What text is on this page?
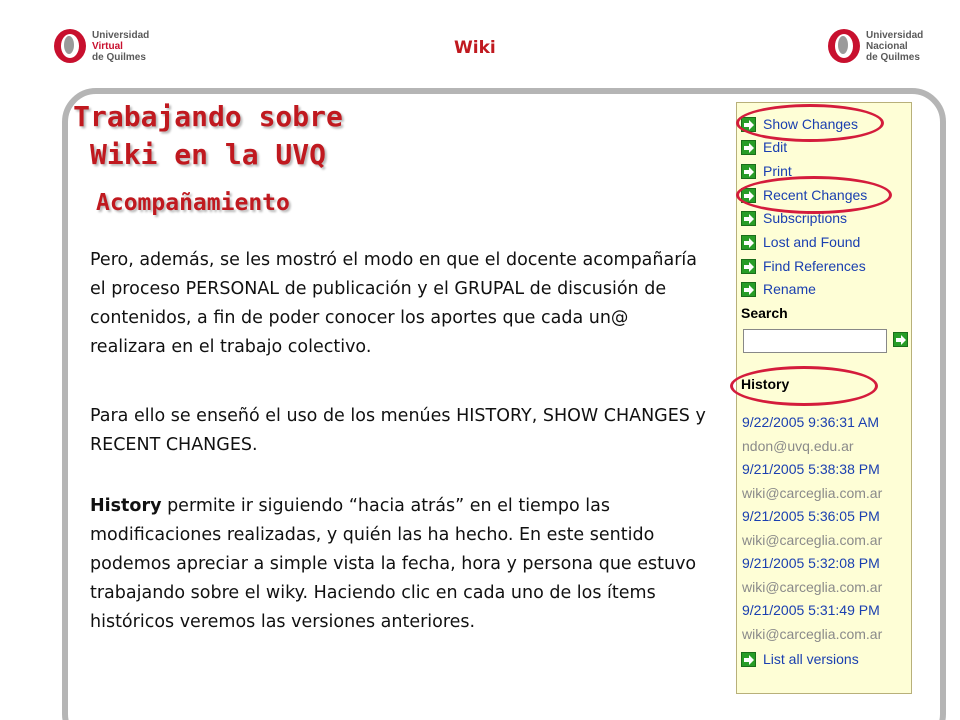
Universidad
Virtual
de Quilmes	Wiki
Universidad
Nacional
de Quilmes
Trabajando sobre
Wiki en la UVQ
Acompañamiento

Pero, además, se les mostró el modo en que el docente acompañaría el proceso PERSONAL de publicación y el GRUPAL de discusión de contenidos, a fin de poder conocer los aportes que cada un@ realizara en el trabajo colectivo.

Para ello se enseñó el uso de los menúes HISTORY, SHOW CHANGES y RECENT CHANGES.

History permite ir siguiendo “hacia atrás” en el tiempo las modificaciones realizadas, y quién las ha hecho. En este sentido podemos apreciar a simple vista la fecha, hora y persona que estuvo trabajando sobre el wiky. Haciendo clic en cada uno de los ítems históricos veremos las versiones anteriores.

Show Changes
Edit
Print
Recent Changes
Subscriptions
Lost and Found
Find References
Rename
Search
History
9/22/2005 9:36:31 AM
ndon@uvq.edu.ar
9/21/2005 5:38:38 PM
wiki@carceglia.com.ar
9/21/2005 5:36:05 PM
wiki@carceglia.com.ar
9/21/2005 5:32:08 PM
wiki@carceglia.com.ar
9/21/2005 5:31:49 PM
wiki@carceglia.com.ar
List all versions
